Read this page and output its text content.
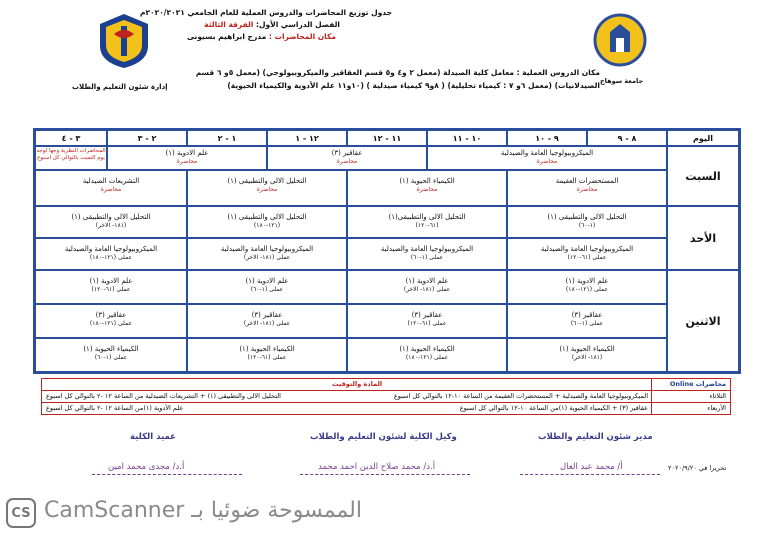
إدارة شئون التعليم والطلاب
جامعة سوهاج
جدول توزيع المحاضرات والدروس العملية للعام الجامعي ٢٠٢٠/٢٠٢١م
الفصل الدراسي الأول: الفرقة الثالثة
مكان المحاضرات : مدرج ابراهيم بسيونى
مكان الدروس العملية : معامل كلية الصيدلة (معمل ٢ و٤ و٥ قسم العقاقير والميكروبيولوجي) (معمل ٥و ٦ قسم
الصيدلانيات) (معمل ٦و ٧ : كيمياء تحليلية) ( ٨و٩ كيمياء صيدلية ) (١٠و١١ علم الأدوية والكيمياء الحيوية)
اليوم
٨ - ٩
٩ - ١٠
١٠ - ١١
١١ - ١٢
١٢ - ١
١ - ٢
٢ - ٣
٣ - ٤
السبت
الميكروبيولوجيا العامة والصيدلية
محاضرة
عقاقير (٣)
محاضرة
علم الادوية (١)
محاضرة
المحاضرات النظرية وجها لوجه يوم السبت بالتوالي كل اسبوع
المستحضرات العقيمة
محاضرة
الكيمياء الحيوية (١)
محاضرة
التحليل الالى والتطبيقى (١)
محاضرة
التشريعات الصيدلية
محاضرة
الأحد
التحليل الالى والتطبيقى (١)
(١-٦٠)
التحليل الالى والتطبيقى(١)
(٦١-١٢٠)
التحليل الالى والتطبيقى (١)
(١٢١-١٨٠)
التحليل الالى والتطبيقى (١)
(١٨١- الاخر)
الميكروبيولوجيا العامة والصيدلية
عملى (٦١-١٢٠)
الميكروبيولوجيا العامة والصيدلية
عملى (١-٦٠)
الميكروبيولوجيا العامة والصيدلية
عملى (١٨١- الاخر)
الميكروبيولوجيا العامة والصيدلية
عملى (١٢١-١٨٠)
الاثنين
علم الادوية (١)
عملى (١٢١-١٨٠)
علم الادوية (١)
عملى (١٨١- الاخر)
علم الادوية (١)
عملى (١-٦٠)
علم الادوية (١)
عملى (٦١-١٢٠)
عقاقير (٣)
عملى (١-٦٠)
عقاقير (٣)
عملى (٦١-١٢٠)
عقاقير (٣)
عملى (١٨١- الاخر)
عقاقير (٣)
عملى (١٢١-١٨٠)
الكيمياء الحيوية (١)
(١٨١- الاخر)
الكيمياء الحيوية (١)
عملى (١٢١-١٨٠)
الكيمياء الحيوية (١)
عملى (٦١-١٢٠)
الكيمياء الحيوية (١)
عملى (١-٦٠)
محاضرات Online
المادة والتوقيت
الثلاثاء
الأربعاء
الميكروبيولوجيا العامة والصيدلية + المستحضرات العقيمة من الساعة ١٠-١٢ بالتوالي كل اسبوع
التحليل الالى والتطبيقى (١) + التشريعات الصيدلية من الساعة ١٢ -٢ بالتوالي كل اسبوع
عقاقير (٣) + الكيمياء الحيوية (١)من الساعة ١٠-١٢ بالتوالي كل اسبوع
علم الأدوية (١)من الساعة ١٢ -٢ بالتوالي كل اسبوع
عميد الكلية
أ.د/ مجدى محمد امين
وكيل الكلية لشئون التعليم والطلاب
أ.د/ محمد صلاح الدين احمد محمد
مدير شئون التعليم والطلاب
أ/ محمد عبد العال	تحريرا في ٢٠٢٠/٩/٢٠
CS الممسوحة ضوئيا بـ CamScanner
